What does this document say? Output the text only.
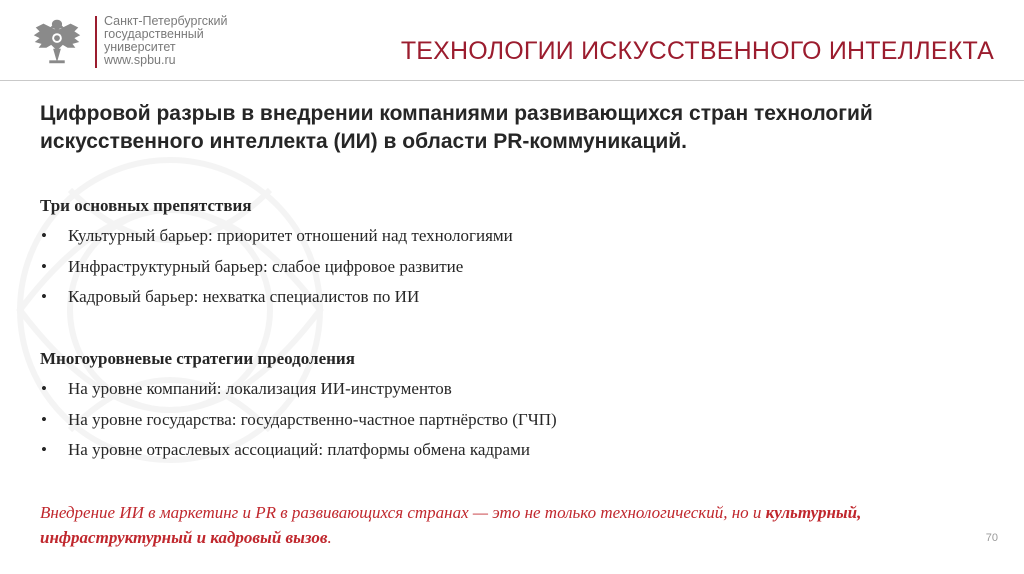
Санкт-Петербургский
государственный
университет
www.spbu.ru	ТЕХНОЛОГИИ ИСКУССТВЕННОГО ИНТЕЛЛЕКТА

Цифровой разрыв в внедрении компаниями развивающихся стран технологий искусственного интеллекта (ИИ) в области PR-коммуникаций.

Три основных препятствия

• Культурный барьер: приоритет отношений над технологиями
• Инфраструктурный барьер: слабое цифровое развитие
• Кадровый барьер: нехватка специалистов по ИИ

Многоуровневые стратегии преодоления

• На уровне компаний: локализация ИИ-инструментов
• На уровне государства: государственно-частное партнёрство (ГЧП)
• На уровне отраслевых ассоциаций: платформы обмена кадрами
Внедрение ИИ в маркетинг и PR в развивающихся странах — это не только технологический, но и культурный, инфраструктурный и кадровый вызов.	70
